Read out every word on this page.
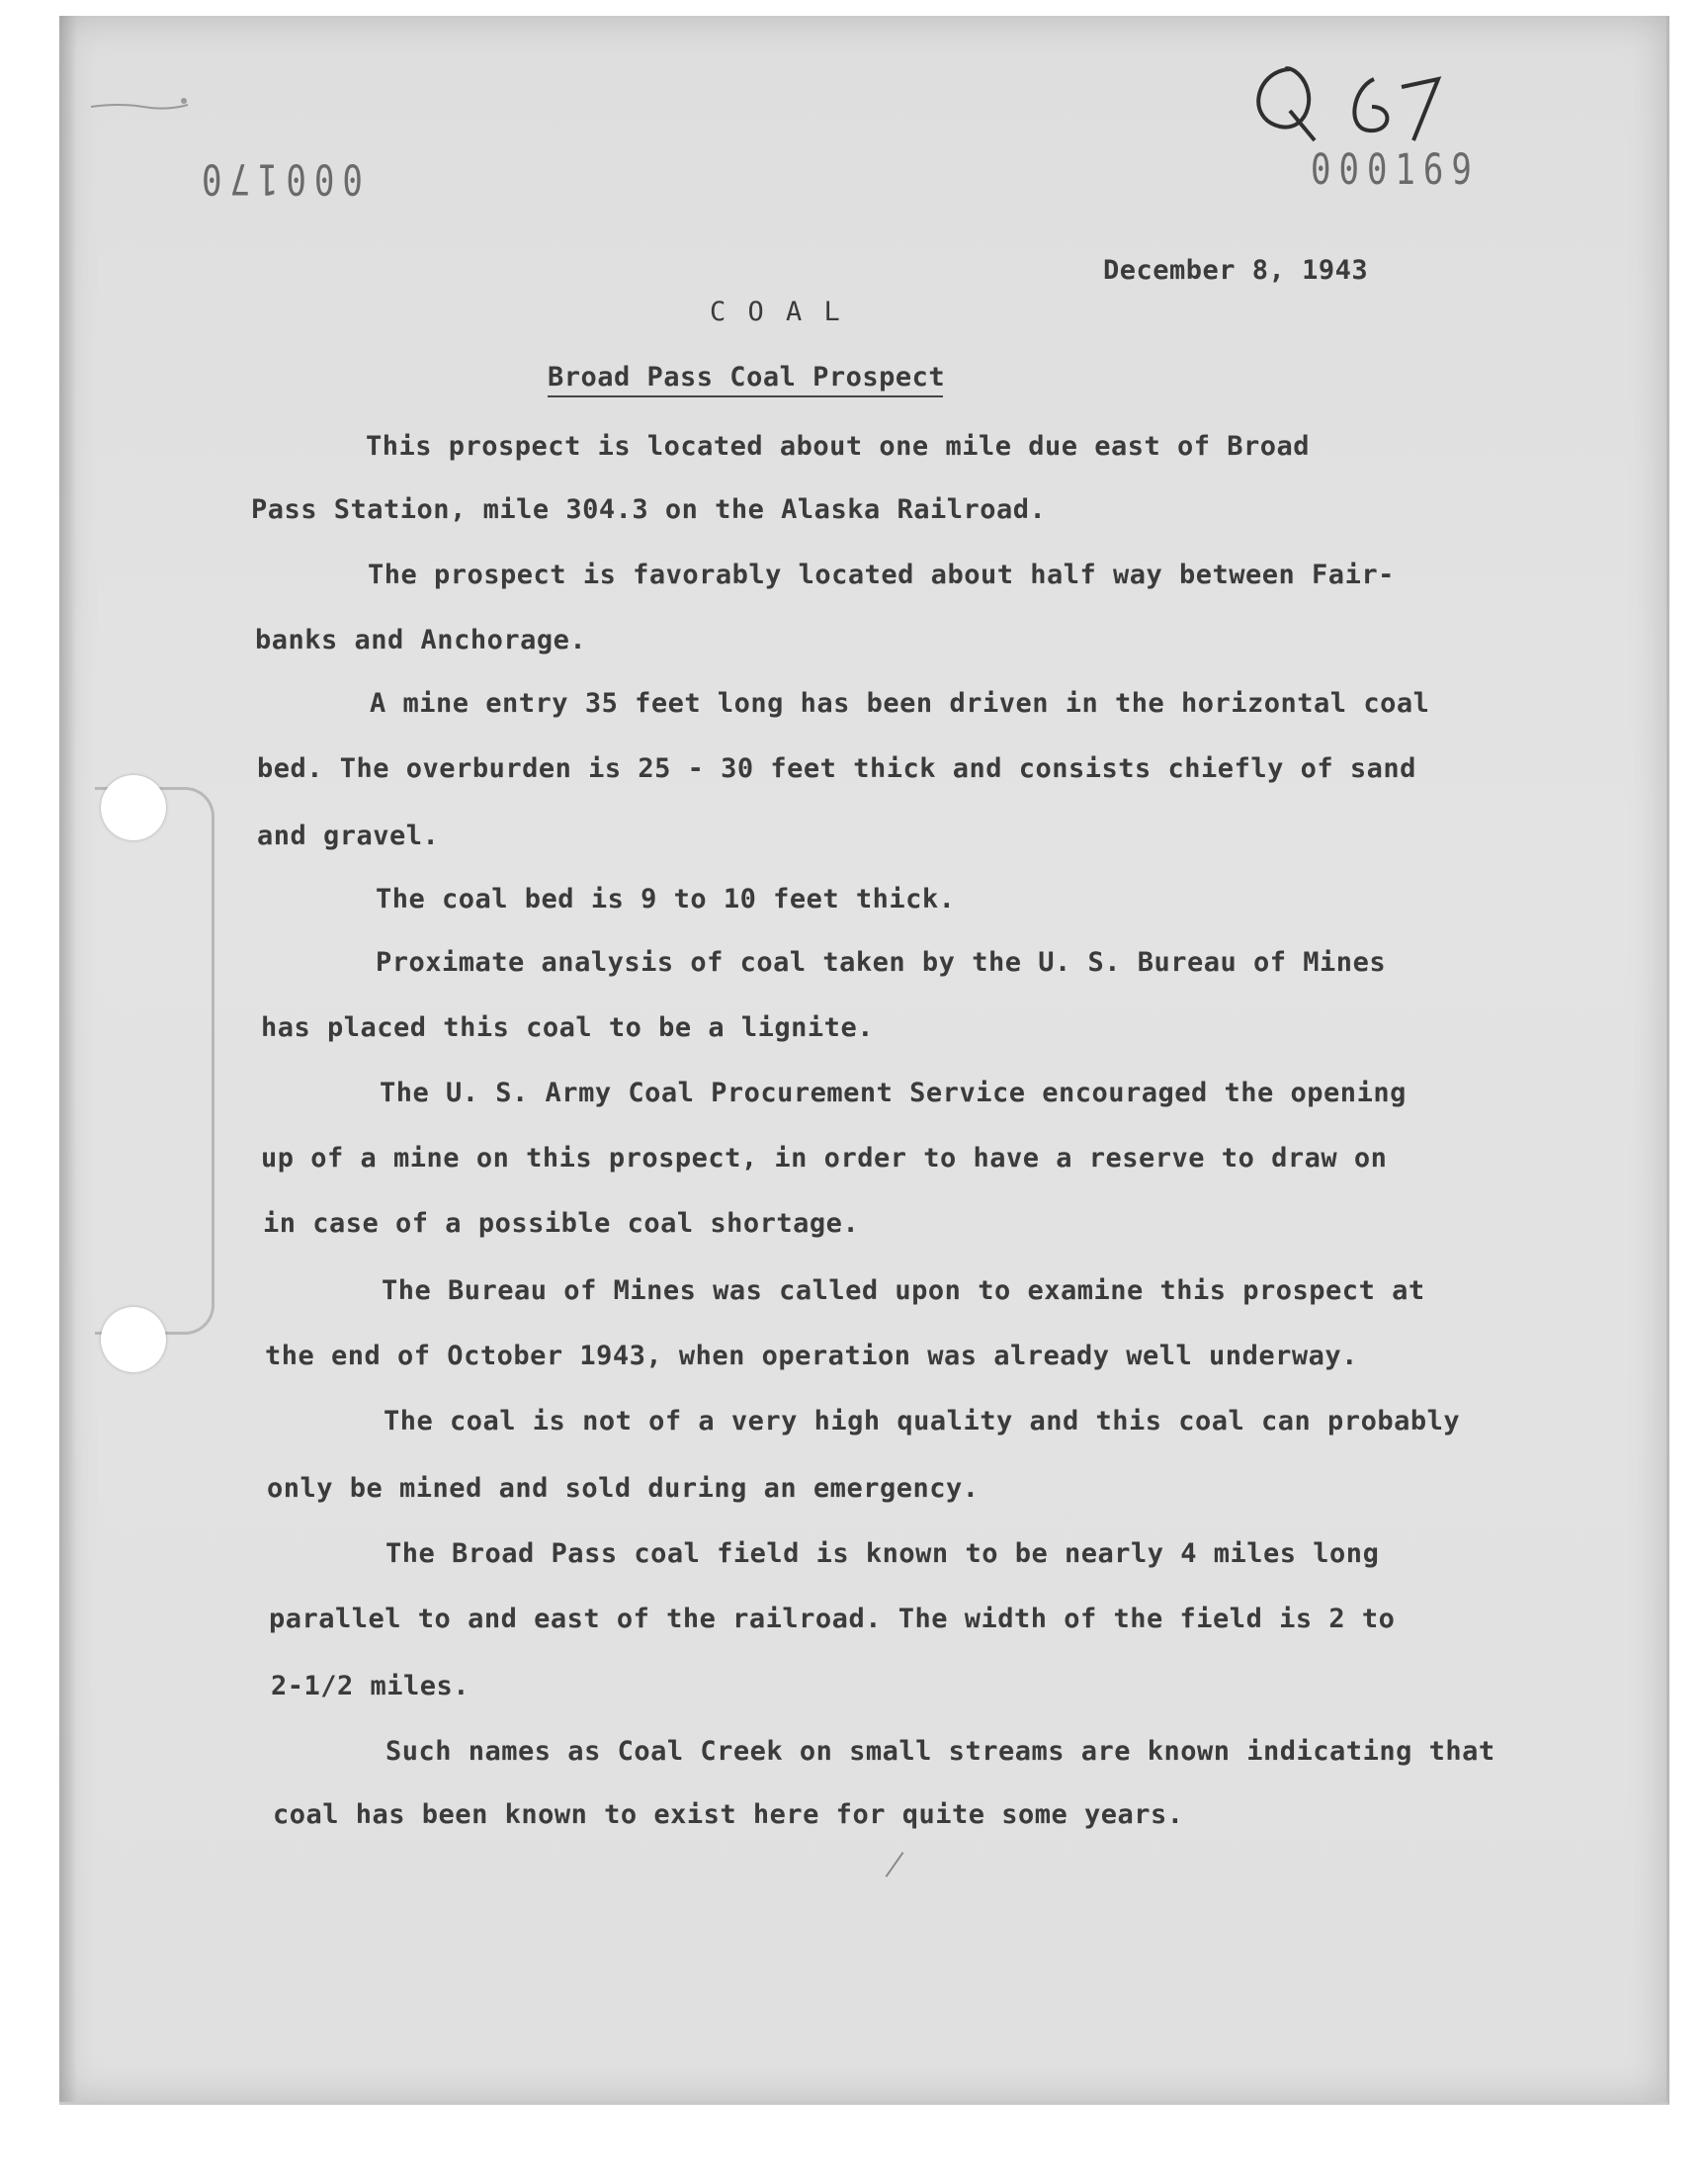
000170	000169
December 8, 1943
C O A L
Broad Pass Coal Prospect
This prospect is located about one mile due east of Broad
Pass Station, mile 304.3 on the Alaska Railroad.
The prospect is favorably located about half way between Fair-
banks and Anchorage.
A mine entry 35 feet long has been driven in the horizontal coal
bed. The overburden is 25 - 30 feet thick and consists chiefly of sand
and gravel.
The coal bed is 9 to 10 feet thick.
Proximate analysis of coal taken by the U. S. Bureau of Mines
has placed this coal to be a lignite.
The U. S. Army Coal Procurement Service encouraged the opening
up of a mine on this prospect, in order to have a reserve to draw on
in case of a possible coal shortage.
The Bureau of Mines was called upon to examine this prospect at
the end of October 1943, when operation was already well underway.
The coal is not of a very high quality and this coal can probably
only be mined and sold during an emergency.
The Broad Pass coal field is known to be nearly 4 miles long
parallel to and east of the railroad. The width of the field is 2 to
2-1/2 miles.
Such names as Coal Creek on small streams are known indicating that
coal has been known to exist here for quite some years.
